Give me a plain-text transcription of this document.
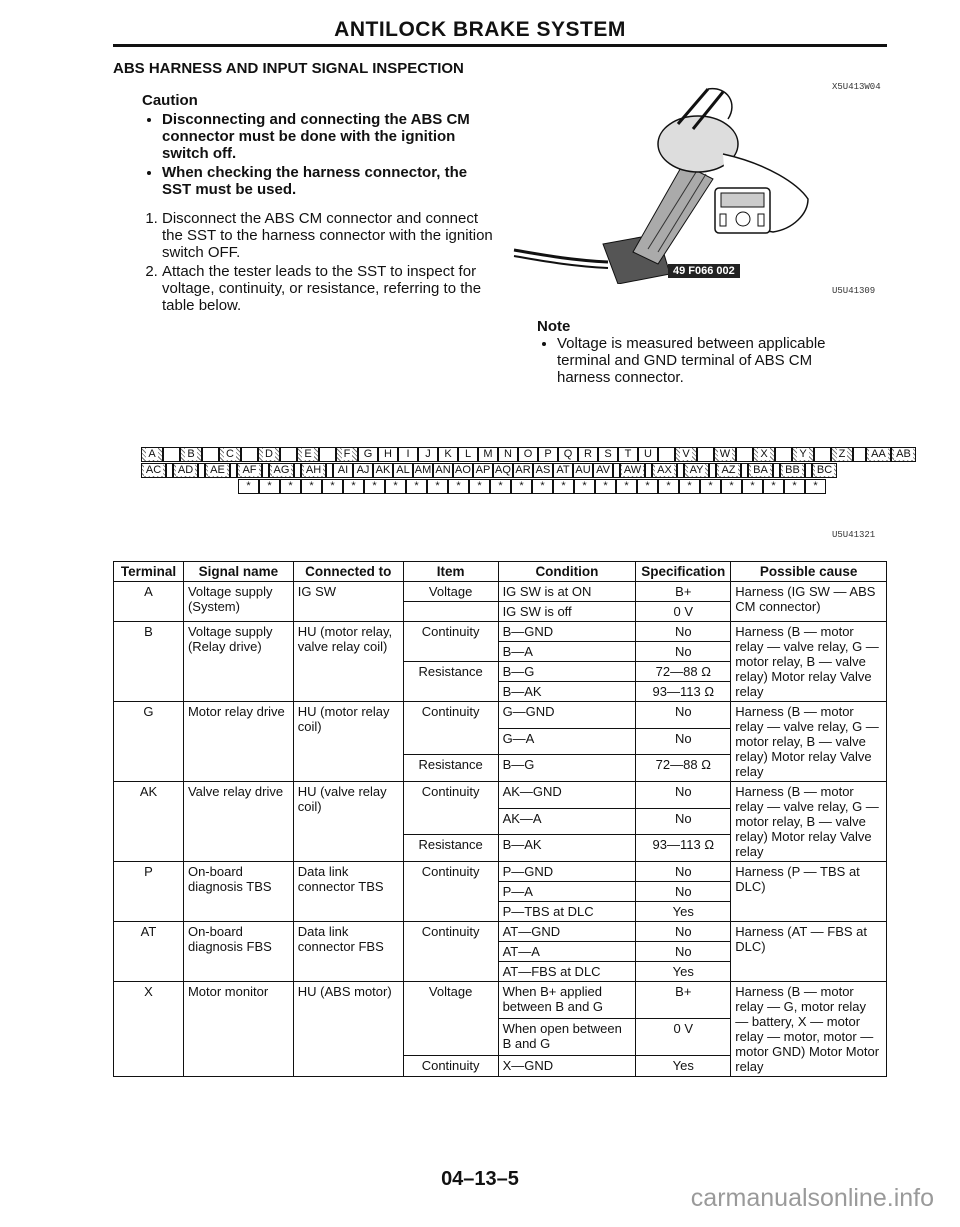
ANTILOCK BRAKE SYSTEM
ABS HARNESS AND INPUT SIGNAL INSPECTION
Caution
• Disconnecting and connecting the ABS CM connector must be done with the ignition switch off.
• When checking the harness connector, the SST must be used.
1. Disconnect the ABS CM connector and connect the SST to the harness connector with the ignition switch OFF.
2. Attach the tester leads to the SST to inspect for voltage, continuity, or resistance, referring to the table below.
X5U413W04
49 F066 002
U5U41309
Note
• Voltage is measured between applicable terminal and GND terminal of ABS CM harness connector.
A	B	C	D	E	F	G	H	I	J	K	L	M	N	O	P	Q	R	S	T	U	V	W	X	Y	Z	AA AB
AC	AD	AE	AF	AG	AH	AI AJ AK AL AM AN AO AP AQ AR AS AT AU AV	AW	AX	AY	AZ	BA	BB	BC
*	*	*	*	*	*	*	*	*	*	*	*	*	*	*	*	*	*	*	*	*	*	*	*	*	*	*	*
U5U41321
Terminal	Signal name	Connected to	Item	Condition	Specification	Possible cause
A	Voltage supply (System)	IG SW	Voltage	IG SW is at ON	B+	Harness (IG SW — ABS CM connector)
				IG SW is off	0 V	
B	Voltage supply (Relay drive)	HU (motor relay, valve relay coil)	Continuity	B—GND	No	Harness (B — motor relay — valve relay, G — motor relay, B — valve relay) Motor relay Valve relay
				B—A	No	
			Resistance	B—G	72—88 Ω	
				B—AK	93—113 Ω	
G	Motor relay drive	HU (motor relay coil)	Continuity	G—GND	No	Harness (B — motor relay — valve relay, G — motor relay, B — valve relay) Motor relay Valve relay
				G—A	No	
			Resistance	B—G	72—88 Ω	
AK	Valve relay drive	HU (valve relay coil)	Continuity	AK—GND	No	Harness (B — motor relay — valve relay, G — motor relay, B — valve relay) Motor relay Valve relay
				AK—A	No	
			Resistance	B—AK	93—113 Ω	
P	On-board diagnosis TBS	Data link connector TBS	Continuity	P—GND	No	Harness (P — TBS at DLC)
				P—A	No	
				P—TBS at DLC	Yes	
AT	On-board diagnosis FBS	Data link connector FBS	Continuity	AT—GND	No	Harness (AT — FBS at DLC)
				AT—A	No	
				AT—FBS at DLC	Yes	
X	Motor monitor	HU (ABS motor)	Voltage	When B+ applied between B and G	B+	Harness (B — motor relay — G, motor relay — battery, X — motor relay — motor, motor — motor GND) Motor Motor relay
				When open between B and G	0 V	
			Continuity	X—GND	Yes	
04–13–5
carmanualsonline.info
